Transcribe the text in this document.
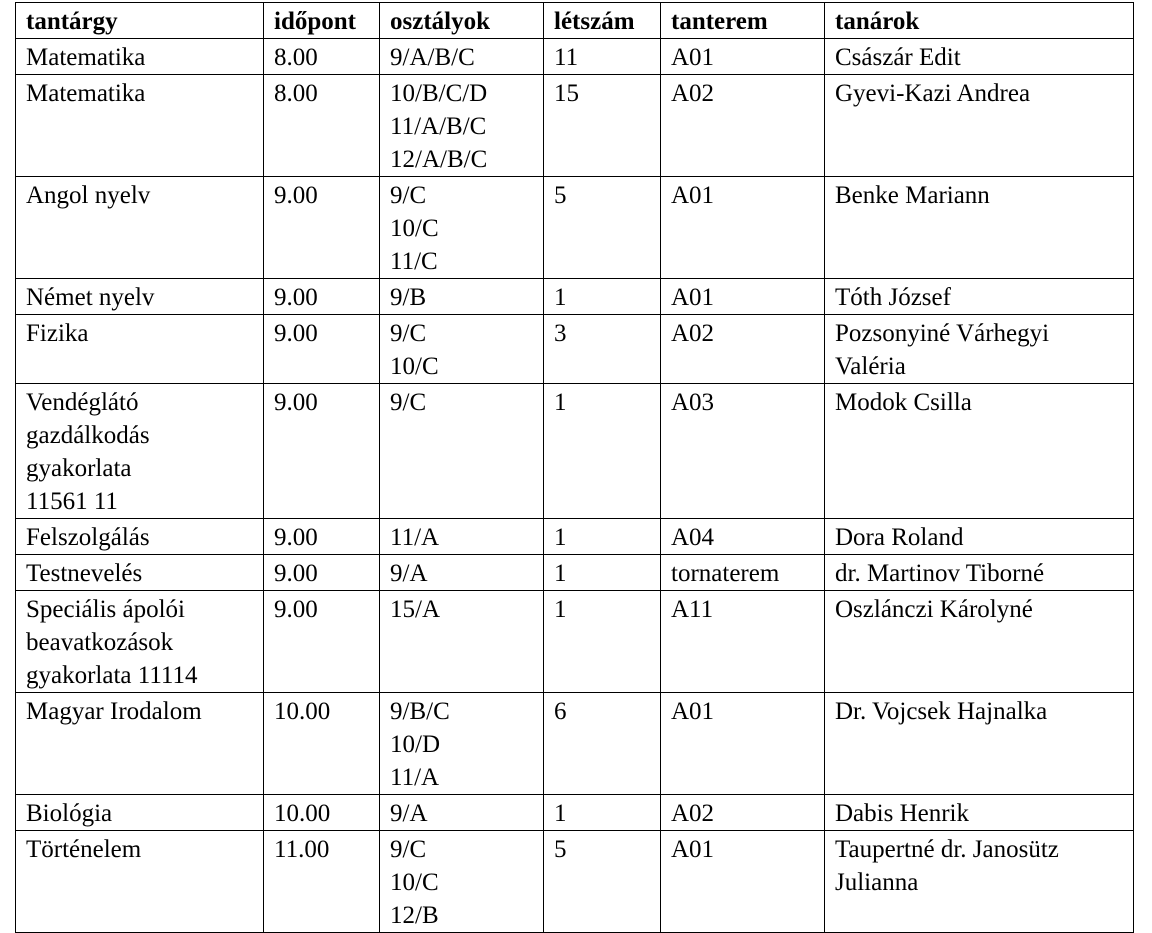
tantárgy	időpont	osztályok	létszám	tanterem	tanárok

Matematika	8.00	9/A/B/C	11	A01	Császár Edit

Matematika	8.00	10/B/C/D
11/A/B/C
12/A/B/C	15	A02	Gyevi-Kazi Andrea

Angol nyelv	9.00	9/C
10/C
11/C	5	A01	Benke Mariann

Német nyelv	9.00	9/B	1	A01	Tóth József

Fizika	9.00	9/C
10/C	3	A02	Pozsonyiné Várhegyi
Valéria

Vendéglátó
gazdálkodás
gyakorlata
11561 11	9.00	9/C	1	A03	Modok Csilla

Felszolgálás	9.00	11/A	1	A04	Dora Roland

Testnevelés	9.00	9/A	1	tornaterem	dr. Martinov Tiborné

Speciális ápolói
beavatkozások
gyakorlata 11114	9.00	15/A	1	A11	Oszlánczi Károlyné

Magyar Irodalom	10.00	9/B/C
10/D
11/A	6	A01	Dr. Vojcsek Hajnalka

Biológia	10.00	9/A	1	A02	Dabis Henrik

Történelem	11.00	9/C
10/C
12/B	5	A01	Taupertné dr. Janosütz
Julianna
